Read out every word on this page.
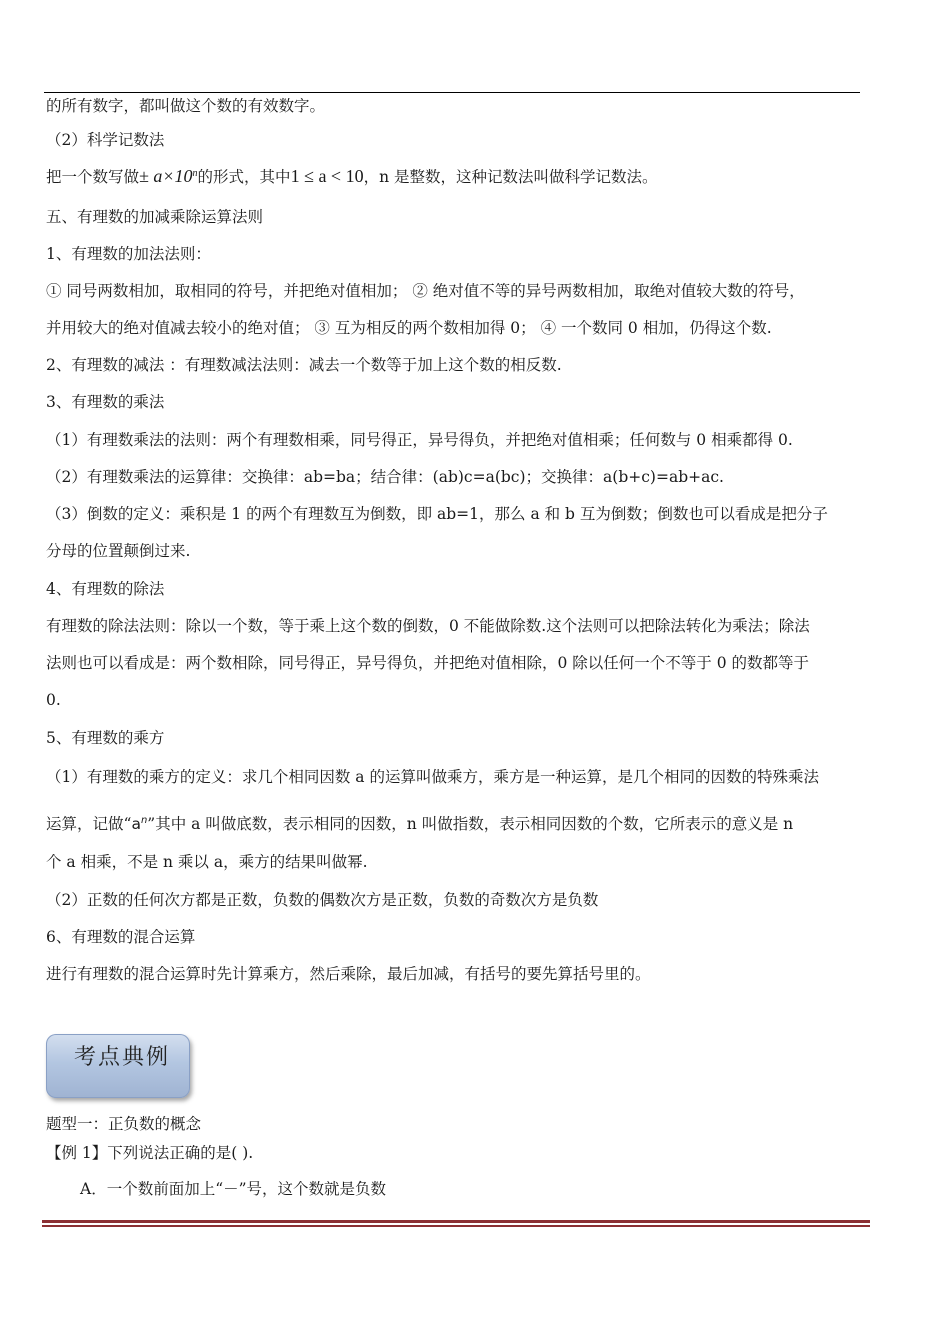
的所有数字，都叫做这个数的有效数字。
（2）科学记数法
把一个数写做± $a\times 10^n$的形式，其中1 ≤ a < 10，n 是整数，这种记数法叫做科学记数法。
五、有理数的加减乘除运算法则
1、有理数的加法法则：
① 同号两数相加，取相同的符号，并把绝对值相加； ② 绝对值不等的异号两数相加，取绝对值较大数的符号，
并用较大的绝对值减去较小的绝对值； ③ 互为相反的两个数相加得 0； ④ 一个数同 0 相加，仍得这个数.
2、有理数的减法 ：有理数减法法则：减去一个数等于加上这个数的相反数.
3、有理数的乘法
（1）有理数乘法的法则：两个有理数相乘，同号得正，异号得负，并把绝对值相乘；任何数与 0 相乘都得 0.
（2）有理数乘法的运算律：交换律：ab=ba；结合律：(ab)c=a(bc)；交换律：a(b+c)=ab+ac.
（3）倒数的定义：乘积是 1 的两个有理数互为倒数，即 ab=1，那么 a 和 b 互为倒数；倒数也可以看成是把分子
分母的位置颠倒过来.
4、有理数的除法
有理数的除法法则：除以一个数，等于乘上这个数的倒数，0 不能做除数.这个法则可以把除法转化为乘法；除法
法则也可以看成是：两个数相除，同号得正，异号得负，并把绝对值相除，0 除以任何一个不等于 0 的数都等于
0.
5、有理数的乘方
（1）有理数的乘方的定义：求几个相同因数 a 的运算叫做乘方，乘方是一种运算，是几个相同的因数的特殊乘法
运算，记做“$a^n$”其中 a 叫做底数，表示相同的因数，n 叫做指数，表示相同因数的个数，它所表示的意义是 n
个 a 相乘，不是 n 乘以 a，乘方的结果叫做幂.
（2）正数的任何次方都是正数，负数的偶数次方是正数，负数的奇数次方是负数
6、有理数的混合运算
进行有理数的混合运算时先计算乘方，然后乘除，最后加减，有括号的要先算括号里的。
考点典例
题型一：正负数的概念
【例 1】下列说法正确的是( ).
A．一个数前面加上“－”号，这个数就是负数
